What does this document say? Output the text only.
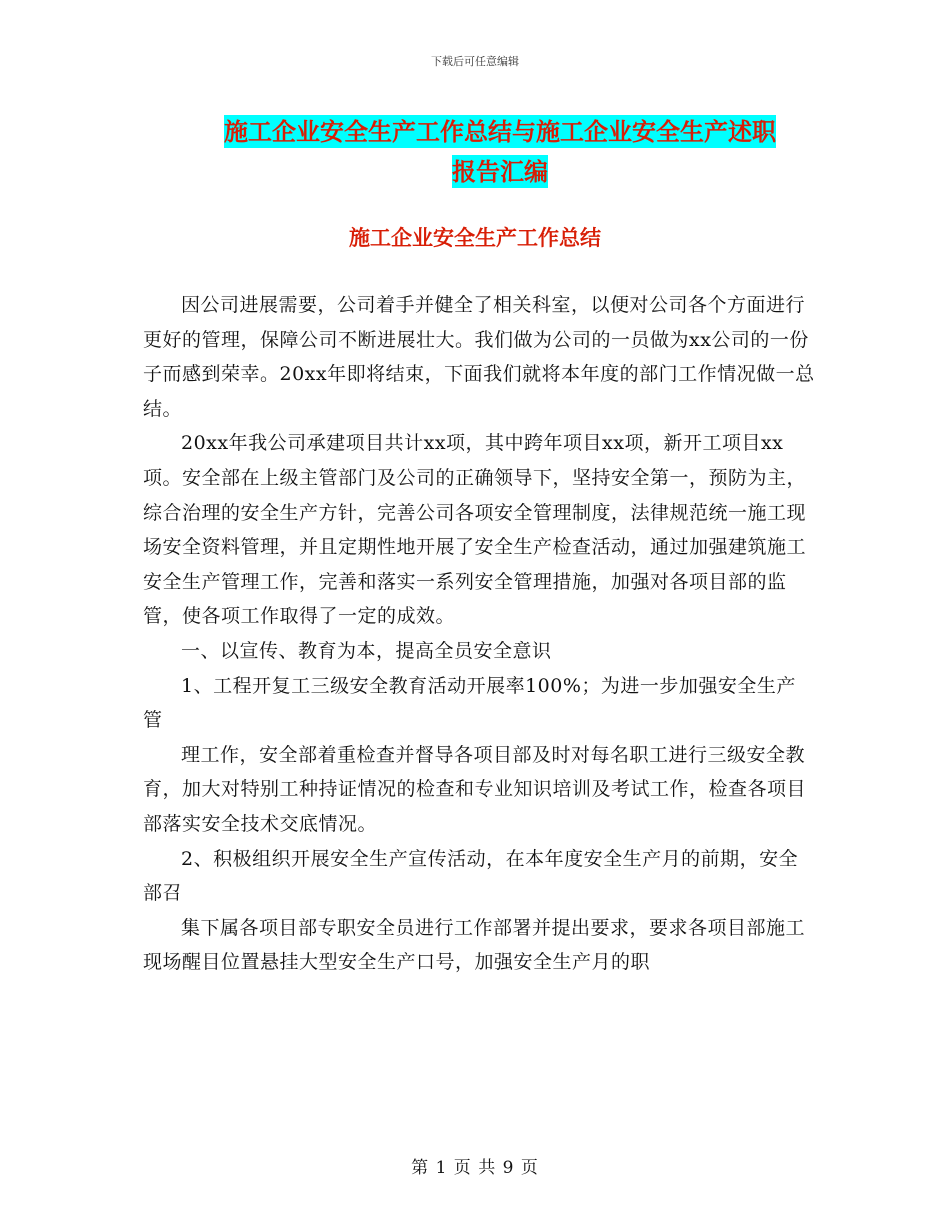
下载后可任意编辑
施工企业安全生产工作总结与施工企业安全生产述职
报告汇编
施工企业安全生产工作总结

因公司进展需要，公司着手并健全了相关科室，以便对公司各个方面进行更好的管理，保障公司不断进展壮大。我们做为公司的一员做为xx公司的一份子而感到荣幸。20xx年即将结束，下面我们就将本年度的部门工作情况做一总结。

20xx年我公司承建项目共计xx项，其中跨年项目xx项，新开工项目xx项。安全部在上级主管部门及公司的正确领导下，坚持安全第一，预防为主，综合治理的安全生产方针，完善公司各项安全管理制度，法律规范统一施工现场安全资料管理，并且定期性地开展了安全生产检查活动，通过加强建筑施工安全生产管理工作，完善和落实一系列安全管理措施，加强对各项目部的监管，使各项工作取得了一定的成效。

一、以宣传、教育为本，提高全员安全意识

1、工程开复工三级安全教育活动开展率100%；为进一步加强安全生产管

理工作，安全部着重检查并督导各项目部及时对每名职工进行三级安全教育，加大对特别工种持证情况的检查和专业知识培训及考试工作，检查各项目部落实安全技术交底情况。

2、积极组织开展安全生产宣传活动，在本年度安全生产月的前期，安全部召

集下属各项目部专职安全员进行工作部署并提出要求，要求各项目部施工现场醒目位置悬挂大型安全生产口号，加强安全生产月的职

第 1 页 共 9 页
